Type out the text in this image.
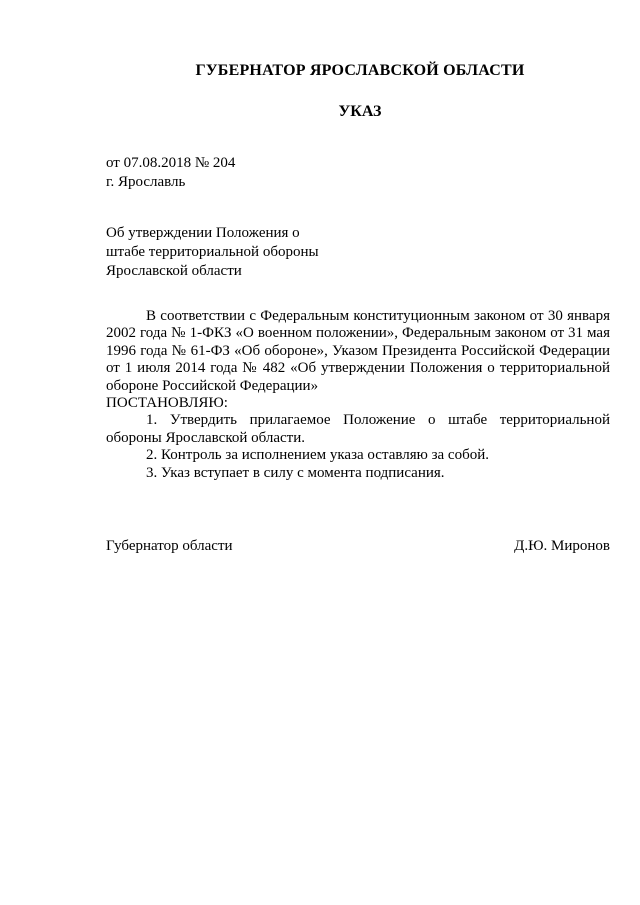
ГУБЕРНАТОР ЯРОСЛАВСКОЙ ОБЛАСТИ
УКАЗ
от 07.08.2018 № 204
г. Ярославль
Об утверждении Положения о
штабе территориальной обороны
Ярославской области

В соответствии с Федеральным конституционным законом от 30 января 2002 года № 1-ФКЗ «О военном положении», Федеральным законом от 31 мая 1996 года № 61-ФЗ «Об обороне», Указом Президента Российской Федерации от 1 июля 2014 года № 482 «Об утверждении Положения о территориальной обороне Российской Федерации»

ПОСТАНОВЛЯЮ:

1. Утвердить прилагаемое Положение о штабе территориальной обороны Ярославской области.

2. Контроль за исполнением указа оставляю за собой.

3. Указ вступает в силу с момента подписания.

Губернатор области	Д.Ю. Миронов
